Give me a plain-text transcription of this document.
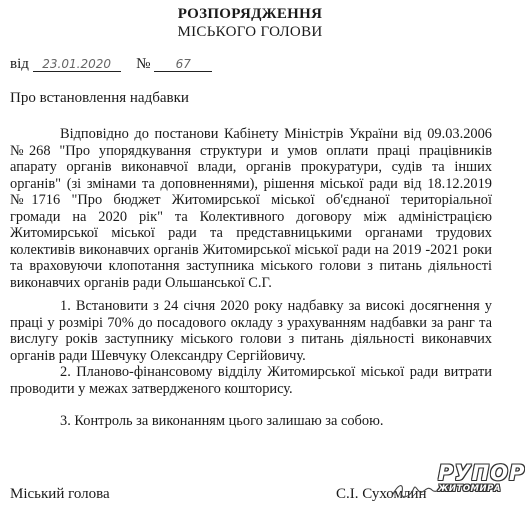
РОЗПОРЯДЖЕННЯ
МІСЬКОГО ГОЛОВИ
від 23.01.2020 № 67
Про встановлення надбавки

Відповідно до постанови Кабінету Міністрів України від 09.03.2006 №268 "Про упорядкування структури и умов оплати праці працівників апарату органів виконавчої влади, органів прокуратури, судів та інших органів" (зі змінами та доповненнями), рішення міської ради від 18.12.2019 №1716 "Про бюджет Житомирської міської об'єднаної територіальної громади на 2020 рік" та Колективного договору між адміністрацією Житомирської міської ради та представницькими органами трудових колективів виконавчих органів Житомирської міської ради на 2019 -2021 роки та враховуючи клопотання заступника міського голови з питань діяльності виконавчих органів ради Ольшанської С.Г.

1. Встановити з 24 січня 2020 року надбавку за високі досягнення у праці у розмірі 70% до посадового окладу з урахуванням надбавки за ранг та вислугу років заступнику міського голови з питань діяльності виконавчих органів ради Шевчуку Олександру Сергійовичу.

2. Планово-фінансовому відділу Житомирської міської ради витрати проводити у межах затвердженого кошторису.

3. Контроль за виконанням цього залишаю за собою.

Міський голова	С.І. Сухомлин
РУПОР
ЖИТОМИРА
